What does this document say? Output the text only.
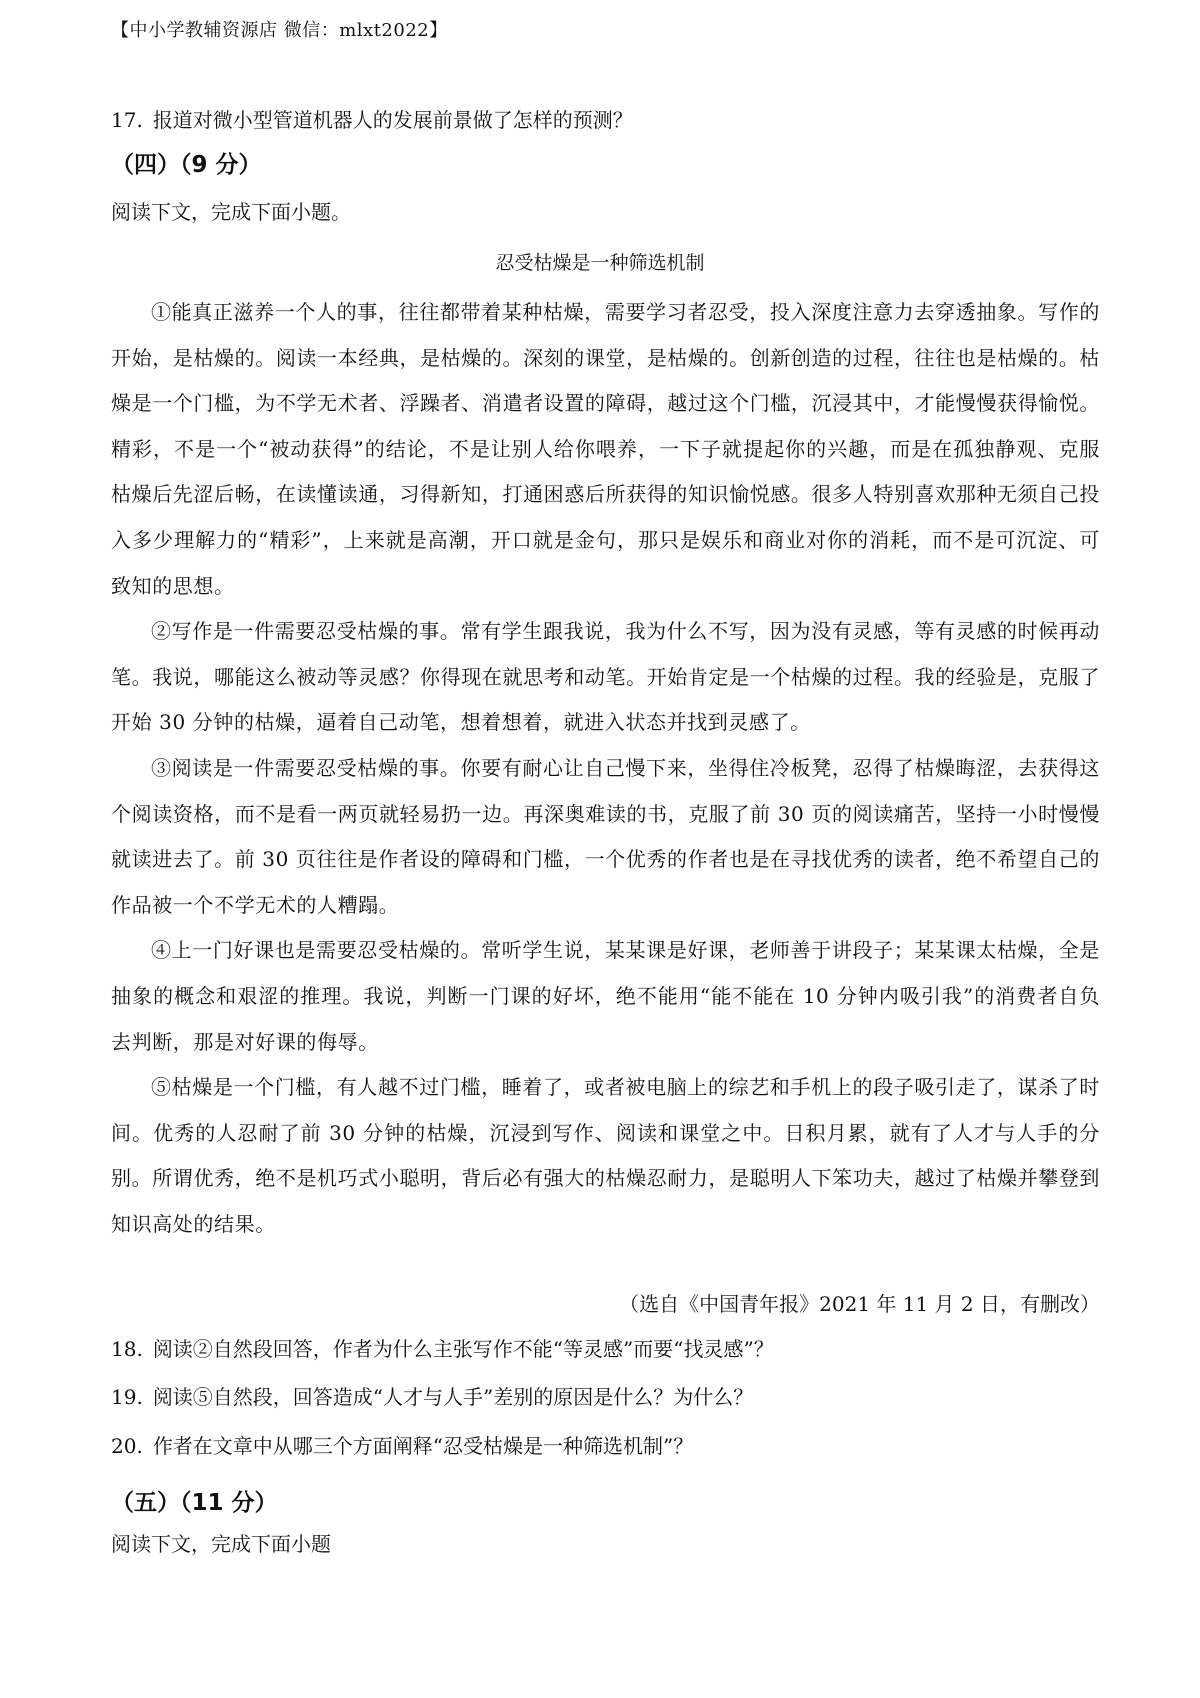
【中小学教辅资源店 微信：mlxt2022】
17. 报道对微小型管道机器人的发展前景做了怎样的预测？
（四）（9 分）
阅读下文，完成下面小题。
忍受枯燥是一种筛选机制

①能真正滋养一个人的事，往往都带着某种枯燥，需要学习者忍受，投入深度注意力去穿透抽象。写作的开始，是枯燥的。阅读一本经典，是枯燥的。深刻的课堂，是枯燥的。创新创造的过程，往往也是枯燥的。枯燥是一个门槛，为不学无术者、浮躁者、消遣者设置的障碍，越过这个门槛，沉浸其中，才能慢慢获得愉悦。精彩，不是一个“被动获得”的结论，不是让别人给你喂养，一下子就提起你的兴趣，而是在孤独静观、克服枯燥后先涩后畅，在读懂读通，习得新知，打通困惑后所获得的知识愉悦感。很多人特别喜欢那种无须自己投入多少理解力的“精彩”，上来就是高潮，开口就是金句，那只是娱乐和商业对你的消耗，而不是可沉淀、可致知的思想。

②写作是一件需要忍受枯燥的事。常有学生跟我说，我为什么不写，因为没有灵感，等有灵感的时候再动笔。我说，哪能这么被动等灵感？你得现在就思考和动笔。开始肯定是一个枯燥的过程。我的经验是，克服了开始 30 分钟的枯燥，逼着自己动笔，想着想着，就进入状态并找到灵感了。

③阅读是一件需要忍受枯燥的事。你要有耐心让自己慢下来，坐得住冷板凳，忍得了枯燥晦涩，去获得这个阅读资格，而不是看一两页就轻易扔一边。再深奥难读的书，克服了前 30 页的阅读痛苦，坚持一小时慢慢就读进去了。前 30 页往往是作者设的障碍和门槛，一个优秀的作者也是在寻找优秀的读者，绝不希望自己的作品被一个不学无术的人糟蹋。

④上一门好课也是需要忍受枯燥的。常听学生说，某某课是好课，老师善于讲段子；某某课太枯燥，全是抽象的概念和艰涩的推理。我说，判断一门课的好坏，绝不能用“能不能在 10 分钟内吸引我”的消费者自负去判断，那是对好课的侮辱。

⑤枯燥是一个门槛，有人越不过门槛，睡着了，或者被电脑上的综艺和手机上的段子吸引走了，谋杀了时间。优秀的人忍耐了前 30 分钟的枯燥，沉浸到写作、阅读和课堂之中。日积月累，就有了人才与人手的分别。所谓优秀，绝不是机巧式小聪明，背后必有强大的枯燥忍耐力，是聪明人下笨功夫，越过了枯燥并攀登到知识高处的结果。

（选自《中国青年报》2021 年 11 月 2 日，有删改）
18. 阅读②自然段回答，作者为什么主张写作不能“等灵感”而要“找灵感”？
19. 阅读⑤自然段，回答造成“人才与人手”差别的原因是什么？为什么？
20. 作者在文章中从哪三个方面阐释“忍受枯燥是一种筛选机制”？
（五）（11 分）
阅读下文，完成下面小题
